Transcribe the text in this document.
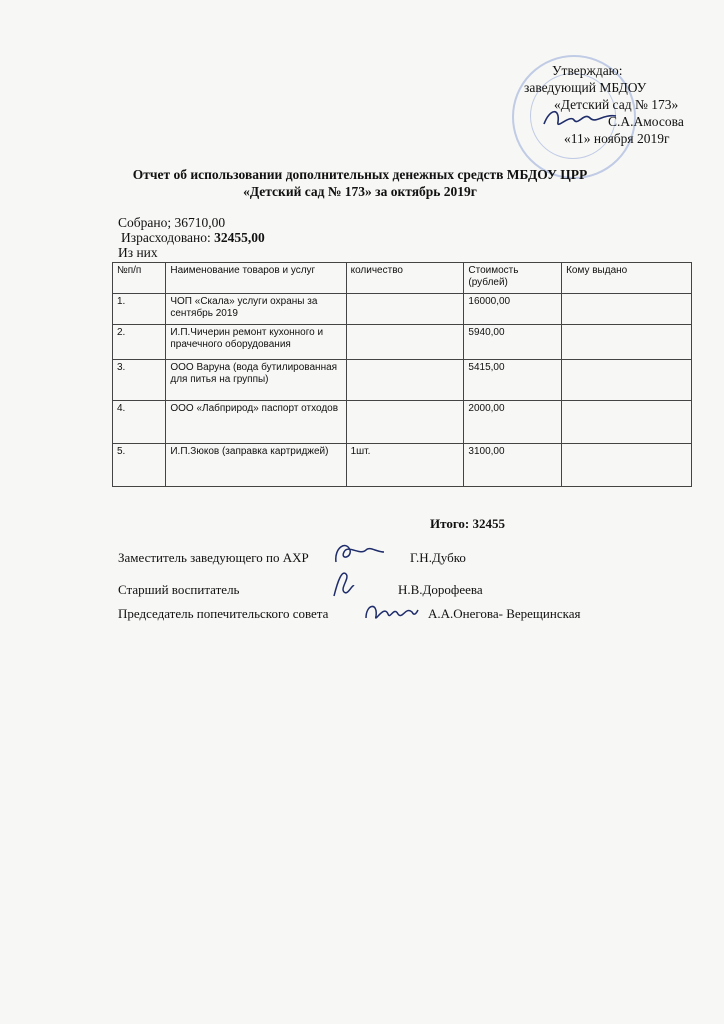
Утверждаю:
заведующий МБДОУ
«Детский сад № 173»
С.А.Амосова
«11» ноября 2019г
Отчет об использовании дополнительных денежных средств МБДОУ ЦРР
«Детский сад № 173» за октябрь 2019г
Собрано; 36710,00
Израсходовано: 32455,00
Из них
№п/п	Наименование товаров и услуг	количество	Стоимость (рублей)	Кому выдано
1.	ЧОП «Скала» услуги охраны за сентябрь 2019		16000,00	
2.	И.П.Чичерин ремонт кухонного и прачечного оборудования		5940,00	
3.	ООО Варуна (вода бутилированная для питья на группы)		5415,00	
4.	ООО «Лабприрод» паспорт отходов		2000,00	
5.	И.П.Зюков (заправка картриджей)	1шт.	3100,00	
Итого: 32455
Заместитель заведующего по АХР	Г.Н.Дубко
Старший воспитатель	Н.В.Дорофеева
Председатель попечительского совета	А.А.Онегова- Верещинская
